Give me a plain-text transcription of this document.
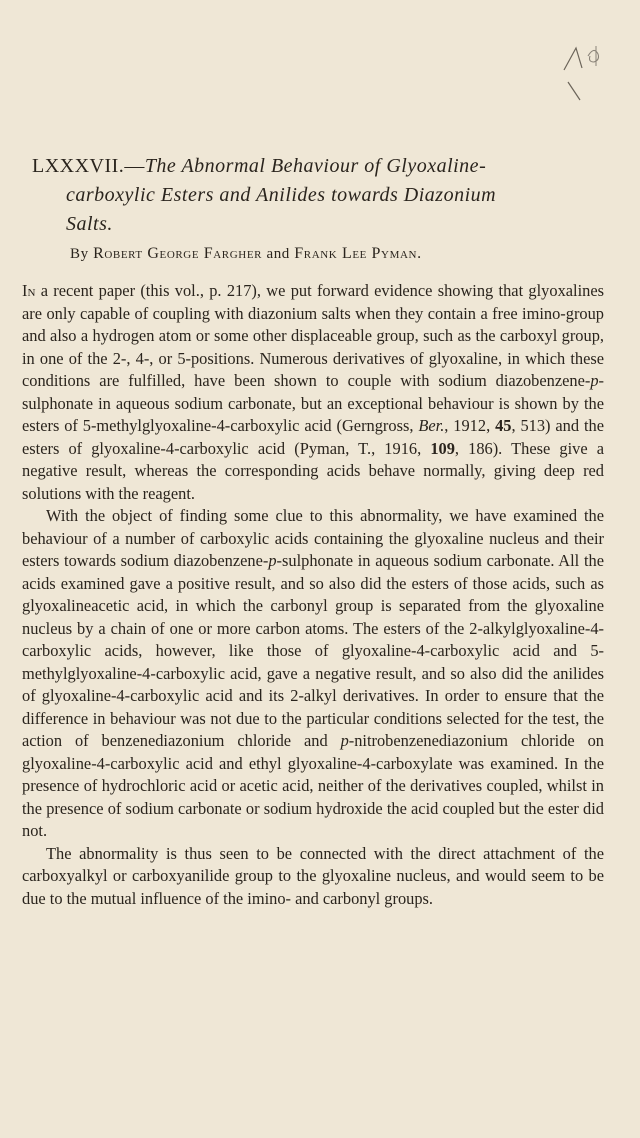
LXXXVII.—The Abnormal Behaviour of Glyoxaline-
carboxylic Esters and Anilides towards Diazonium
Salts.
By Robert George Fargher and Frank Lee Pyman.

In a recent paper (this vol., p. 217), we put forward evidence showing that glyoxalines are only capable of coupling with diazonium salts when they contain a free imino-group and also a hydrogen atom or some other displaceable group, such as the carboxyl group, in one of the 2-, 4-, or 5-positions. Numerous derivatives of glyoxaline, in which these conditions are fulfilled, have been shown to couple with sodium diazobenzene-p-sulphonate in aqueous sodium carbonate, but an exceptional behaviour is shown by the esters of 5-methylglyoxaline-4-carboxylic acid (Gerngross, Ber., 1912, 45, 513) and the esters of glyoxaline-4-carboxylic acid (Pyman, T., 1916, 109, 186). These give a negative result, whereas the corresponding acids behave normally, giving deep red solutions with the reagent.

With the object of finding some clue to this abnormality, we have examined the behaviour of a number of carboxylic acids containing the glyoxaline nucleus and their esters towards sodium diazobenzene-p-sulphonate in aqueous sodium carbonate. All the acids examined gave a positive result, and so also did the esters of those acids, such as glyoxalineacetic acid, in which the carbonyl group is separated from the glyoxaline nucleus by a chain of one or more carbon atoms. The esters of the 2-alkylglyoxaline-4-carboxylic acids, however, like those of glyoxaline-4-carboxylic acid and 5-methylglyoxaline-4-carboxylic acid, gave a negative result, and so also did the anilides of glyoxaline-4-carboxylic acid and its 2-alkyl derivatives. In order to ensure that the difference in behaviour was not due to the particular conditions selected for the test, the action of benzenediazonium chloride and p-nitrobenzenediazonium chloride on glyoxaline-4-carboxylic acid and ethyl glyoxaline-4-carboxylate was examined. In the presence of hydrochloric acid or acetic acid, neither of the derivatives coupled, whilst in the presence of sodium carbonate or sodium hydroxide the acid coupled but the ester did not.

The abnormality is thus seen to be connected with the direct attachment of the carboxyalkyl or carboxyanilide group to the glyoxaline nucleus, and would seem to be due to the mutual influence of the imino- and carbonyl groups.
